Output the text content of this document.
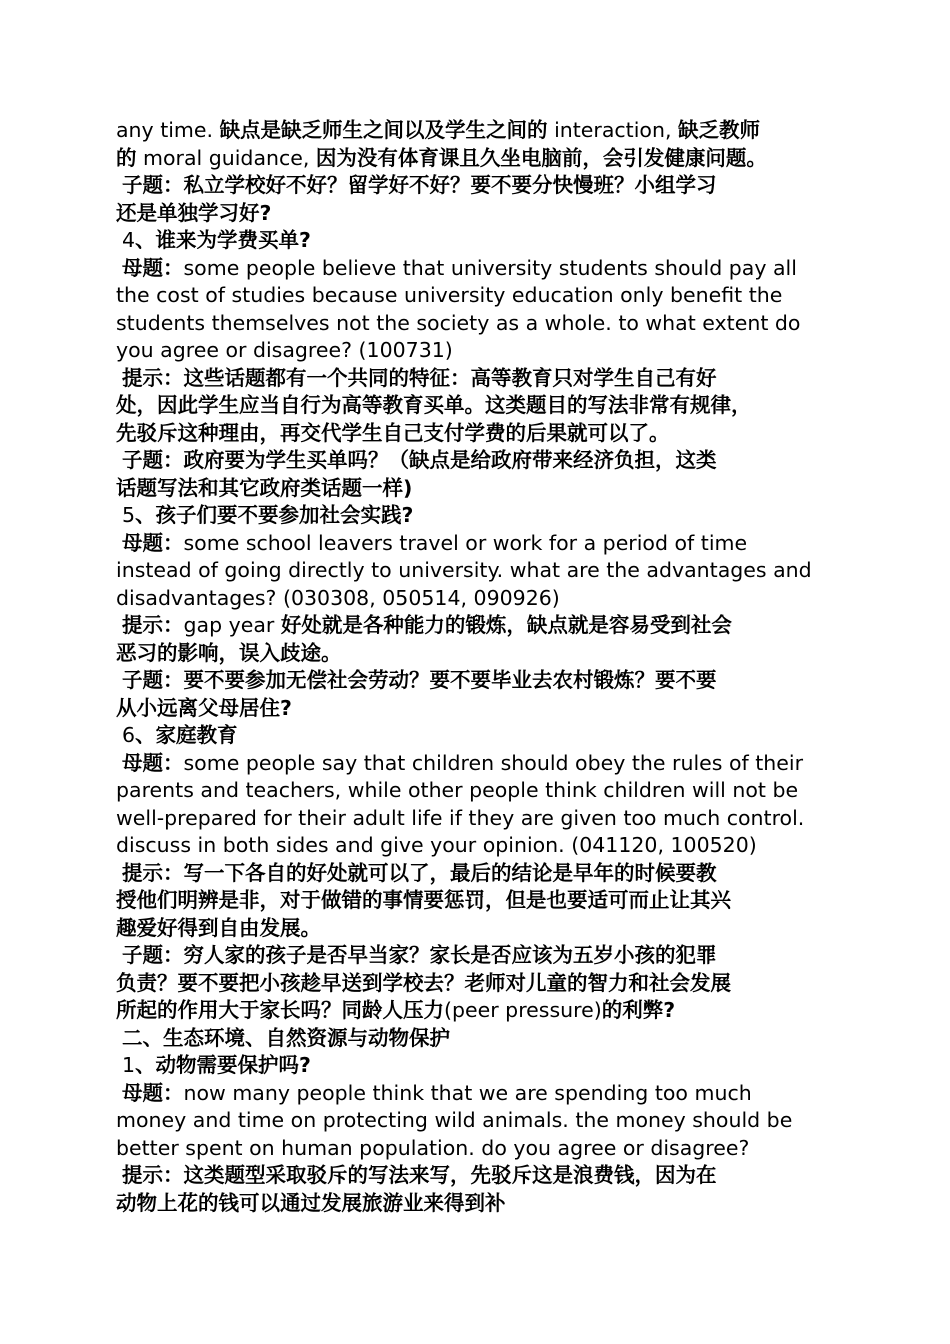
any time. 缺点是缺乏师生之间以及学生之间的 interaction, 缺乏教师

的 moral guidance, 因为没有体育课且久坐电脑前，会引发健康问题。

子题：私立学校好不好？留学好不好？要不要分快慢班？小组学习

还是单独学习好?

4、谁来为学费买单?

母题：some people believe that university students should pay all

the cost of studies because university education only benefit the

students themselves not the society as a whole. to what extent do

you agree or disagree? (100731)

提示：这些话题都有一个共同的特征：高等教育只对学生自己有好

处，因此学生应当自行为高等教育买单。这类题目的写法非常有规律，

先驳斥这种理由，再交代学生自己支付学费的后果就可以了。

子题：政府要为学生买单吗？（缺点是给政府带来经济负担，这类

话题写法和其它政府类话题一样)

5、孩子们要不要参加社会实践?

母题：some school leavers travel or work for a period of time

instead of going directly to university. what are the advantages and

disadvantages? (030308, 050514, 090926)

提示：gap year 好处就是各种能力的锻炼，缺点就是容易受到社会

恶习的影响，误入歧途。

子题：要不要参加无偿社会劳动？要不要毕业去农村锻炼？要不要

从小远离父母居住?

6、家庭教育

母题：some people say that children should obey the rules of their

parents and teachers, while other people think children will not be

well-prepared for their adult life if they are given too much control.

discuss in both sides and give your opinion. (041120, 100520)

提示：写一下各自的好处就可以了，最后的结论是早年的时候要教

授他们明辨是非，对于做错的事情要惩罚，但是也要适可而止让其兴

趣爱好得到自由发展。

子题：穷人家的孩子是否早当家？家长是否应该为五岁小孩的犯罪

负责？要不要把小孩趁早送到学校去？老师对儿童的智力和社会发展

所起的作用大于家长吗？同龄人压力(peer pressure)的利弊?

二、生态环境、自然资源与动物保护

1、动物需要保护吗?

母题：now many people think that we are spending too much

money and time on protecting wild animals. the money should be

better spent on human population. do you agree or disagree?

提示：这类题型采取驳斥的写法来写，先驳斥这是浪费钱，因为在

动物上花的钱可以通过发展旅游业来得到补
